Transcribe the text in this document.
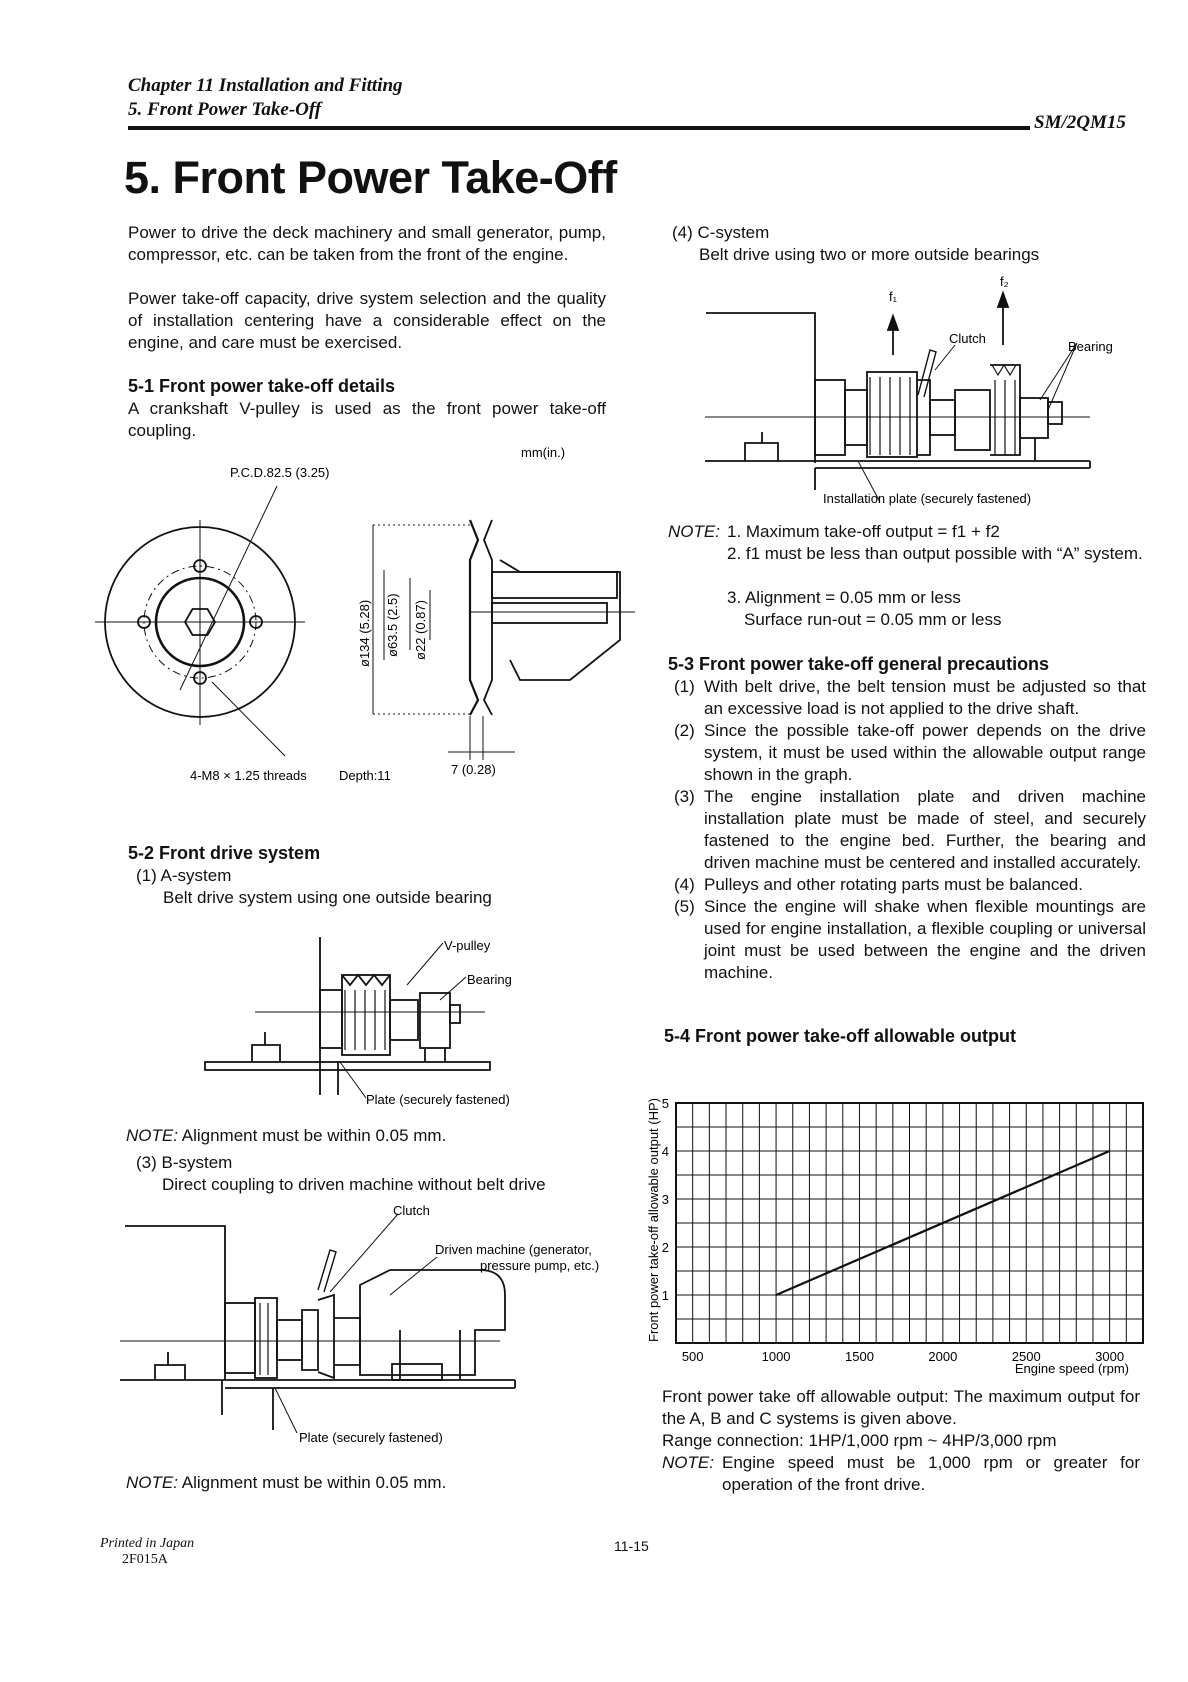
Chapter 11 Installation and Fitting
5. Front Power Take-Off
SM/2QM15
5. Front Power Take-Off
Power to drive the deck machinery and small generator, pump, compressor, etc. can be taken from the front of the engine.
Power take-off capacity, drive system selection and the quality of installation centering have a considerable effect on the engine, and care must be exercised.
5-1 Front power take-off details
A crankshaft V-pulley is used as the front power take-off coupling.
mm(in.)
P.C.D.82.5 (3.25)
ø134 (5.28) ø63.5 (2.5) ø22 (0.87)
4-M8 × 1.25 threads Depth:11	7 (0.28)
5-2 Front drive system
(1) A-system
Belt drive system using one outside bearing
V-pulley
Bearing
Plate (securely fastened)
NOTE: Alignment must be within 0.05 mm.
(3) B-system
Direct coupling to driven machine without belt drive
Clutch
Driven machine (generator,
pressure pump, etc.)
Plate (securely fastened)
NOTE: Alignment must be within 0.05 mm.
(4) C-system
Belt drive using two or more outside bearings
f₁
f₂
Clutch
Bearing
Installation plate (securely fastened)
NOTE: 1. Maximum take-off output = f1 + f2
2. f1 must be less than output possible with “A” system.
3. Alignment = 0.05 mm or less
Surface run-out = 0.05 mm or less
5-3 Front power take-off general precautions
(1) With belt drive, the belt tension must be adjusted so that an excessive load is not applied to the drive shaft.
(2) Since the possible take-off power depends on the drive system, it must be used within the allowable output range shown in the graph.
(3) The engine installation plate and driven machine installation plate must be made of steel, and securely fastened to the engine bed. Further, the bearing and driven machine must be centered and installed accurately.
(4) Pulleys and other rotating parts must be balanced.
(5) Since the engine will shake when flexible mountings are used for engine installation, a flexible coupling or universal joint must be used between the engine and the driven machine.
5-4 Front power take-off allowable output
500	1000	1500	2000	2500	3000
1
2
3
4
5
Front power take-off allowable output (HP)
Engine speed (rpm)
Front power take off allowable output: The maximum output for the A, B and C systems is given above.
Range connection: 1HP/1,000 rpm ~ 4HP/3,000 rpm
NOTE: Engine speed must be 1,000 rpm or greater for operation of the front drive.
Printed in Japan
2F015A
11-15
